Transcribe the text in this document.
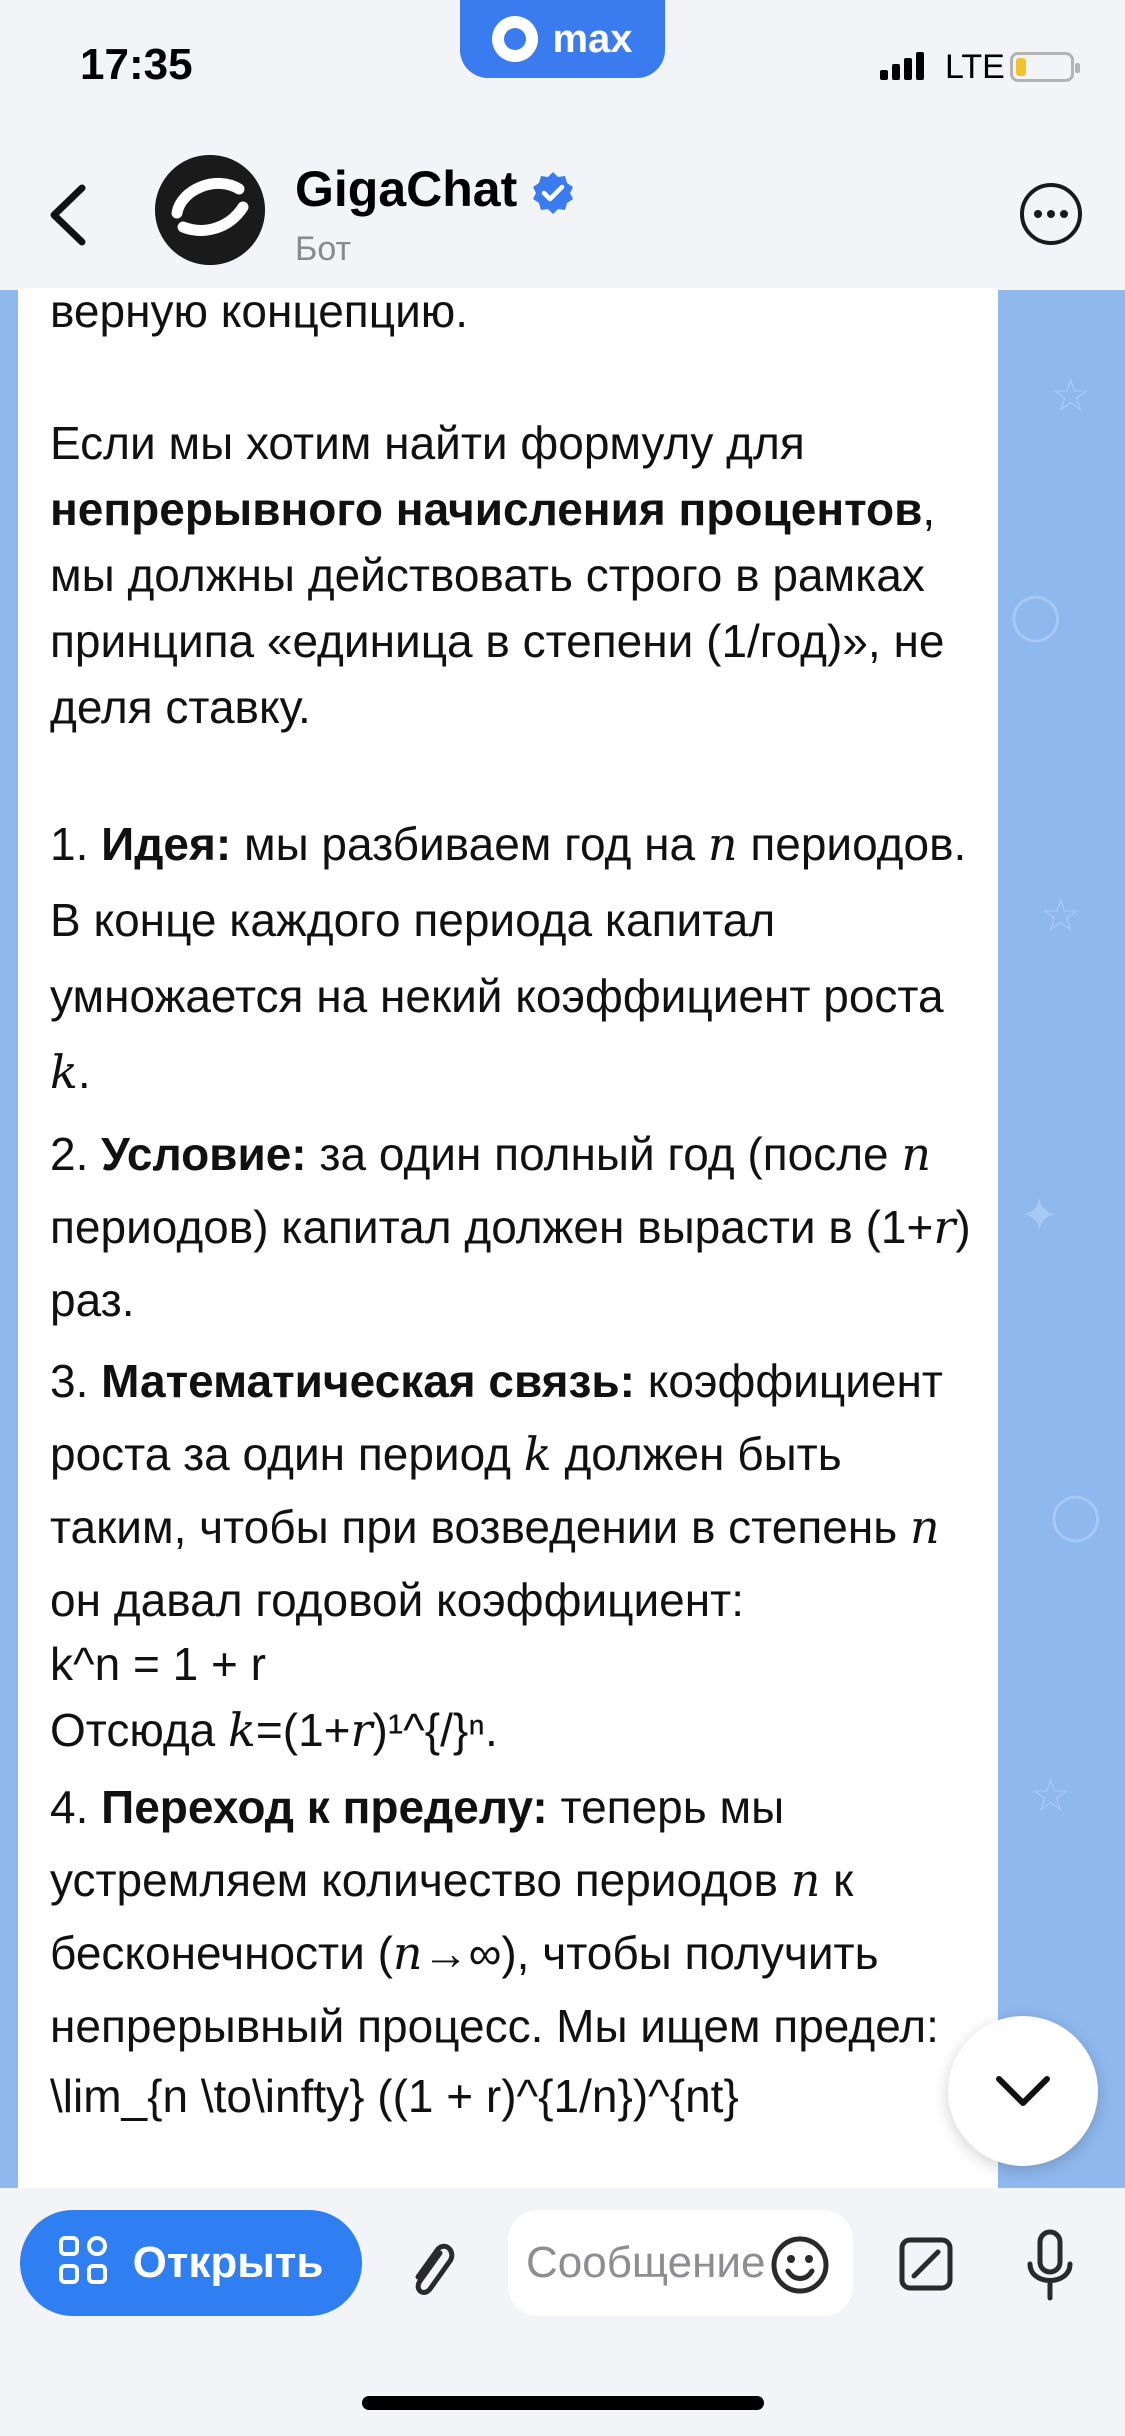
☆
◯
☆
✦
◯
☆
17:35
max
LTE
GigaChat
Бот

верную концепцию.

Если мы хотим найти формулу для непрерывного начисления процентов, мы должны действовать строго в рамках принципа «единица в степени (1/год)», не деля ставку.

1. Идея: мы разбиваем год на n периодов. В конце каждого периода капитал умножается на некий коэффициент роста k.

2. Условие: за один полный год (после n периодов) капитал должен вырасти в (1+r) раз.

3. Математическая связь: коэффициент роста за один период k должен быть таким, чтобы при возведении в степень n он давал годовой коэффициент:

k^n = 1 + r

Отсюда k=(1+r)¹^{/}ⁿ.

4. Переход к пределу: теперь мы устремляем количество периодов n к бесконечности (n→∞), чтобы получить непрерывный процесс. Мы ищем предел:

\lim_{n \to\infty} ((1 + r)^{1/n})^{nt}

Открыть	Сообщение
